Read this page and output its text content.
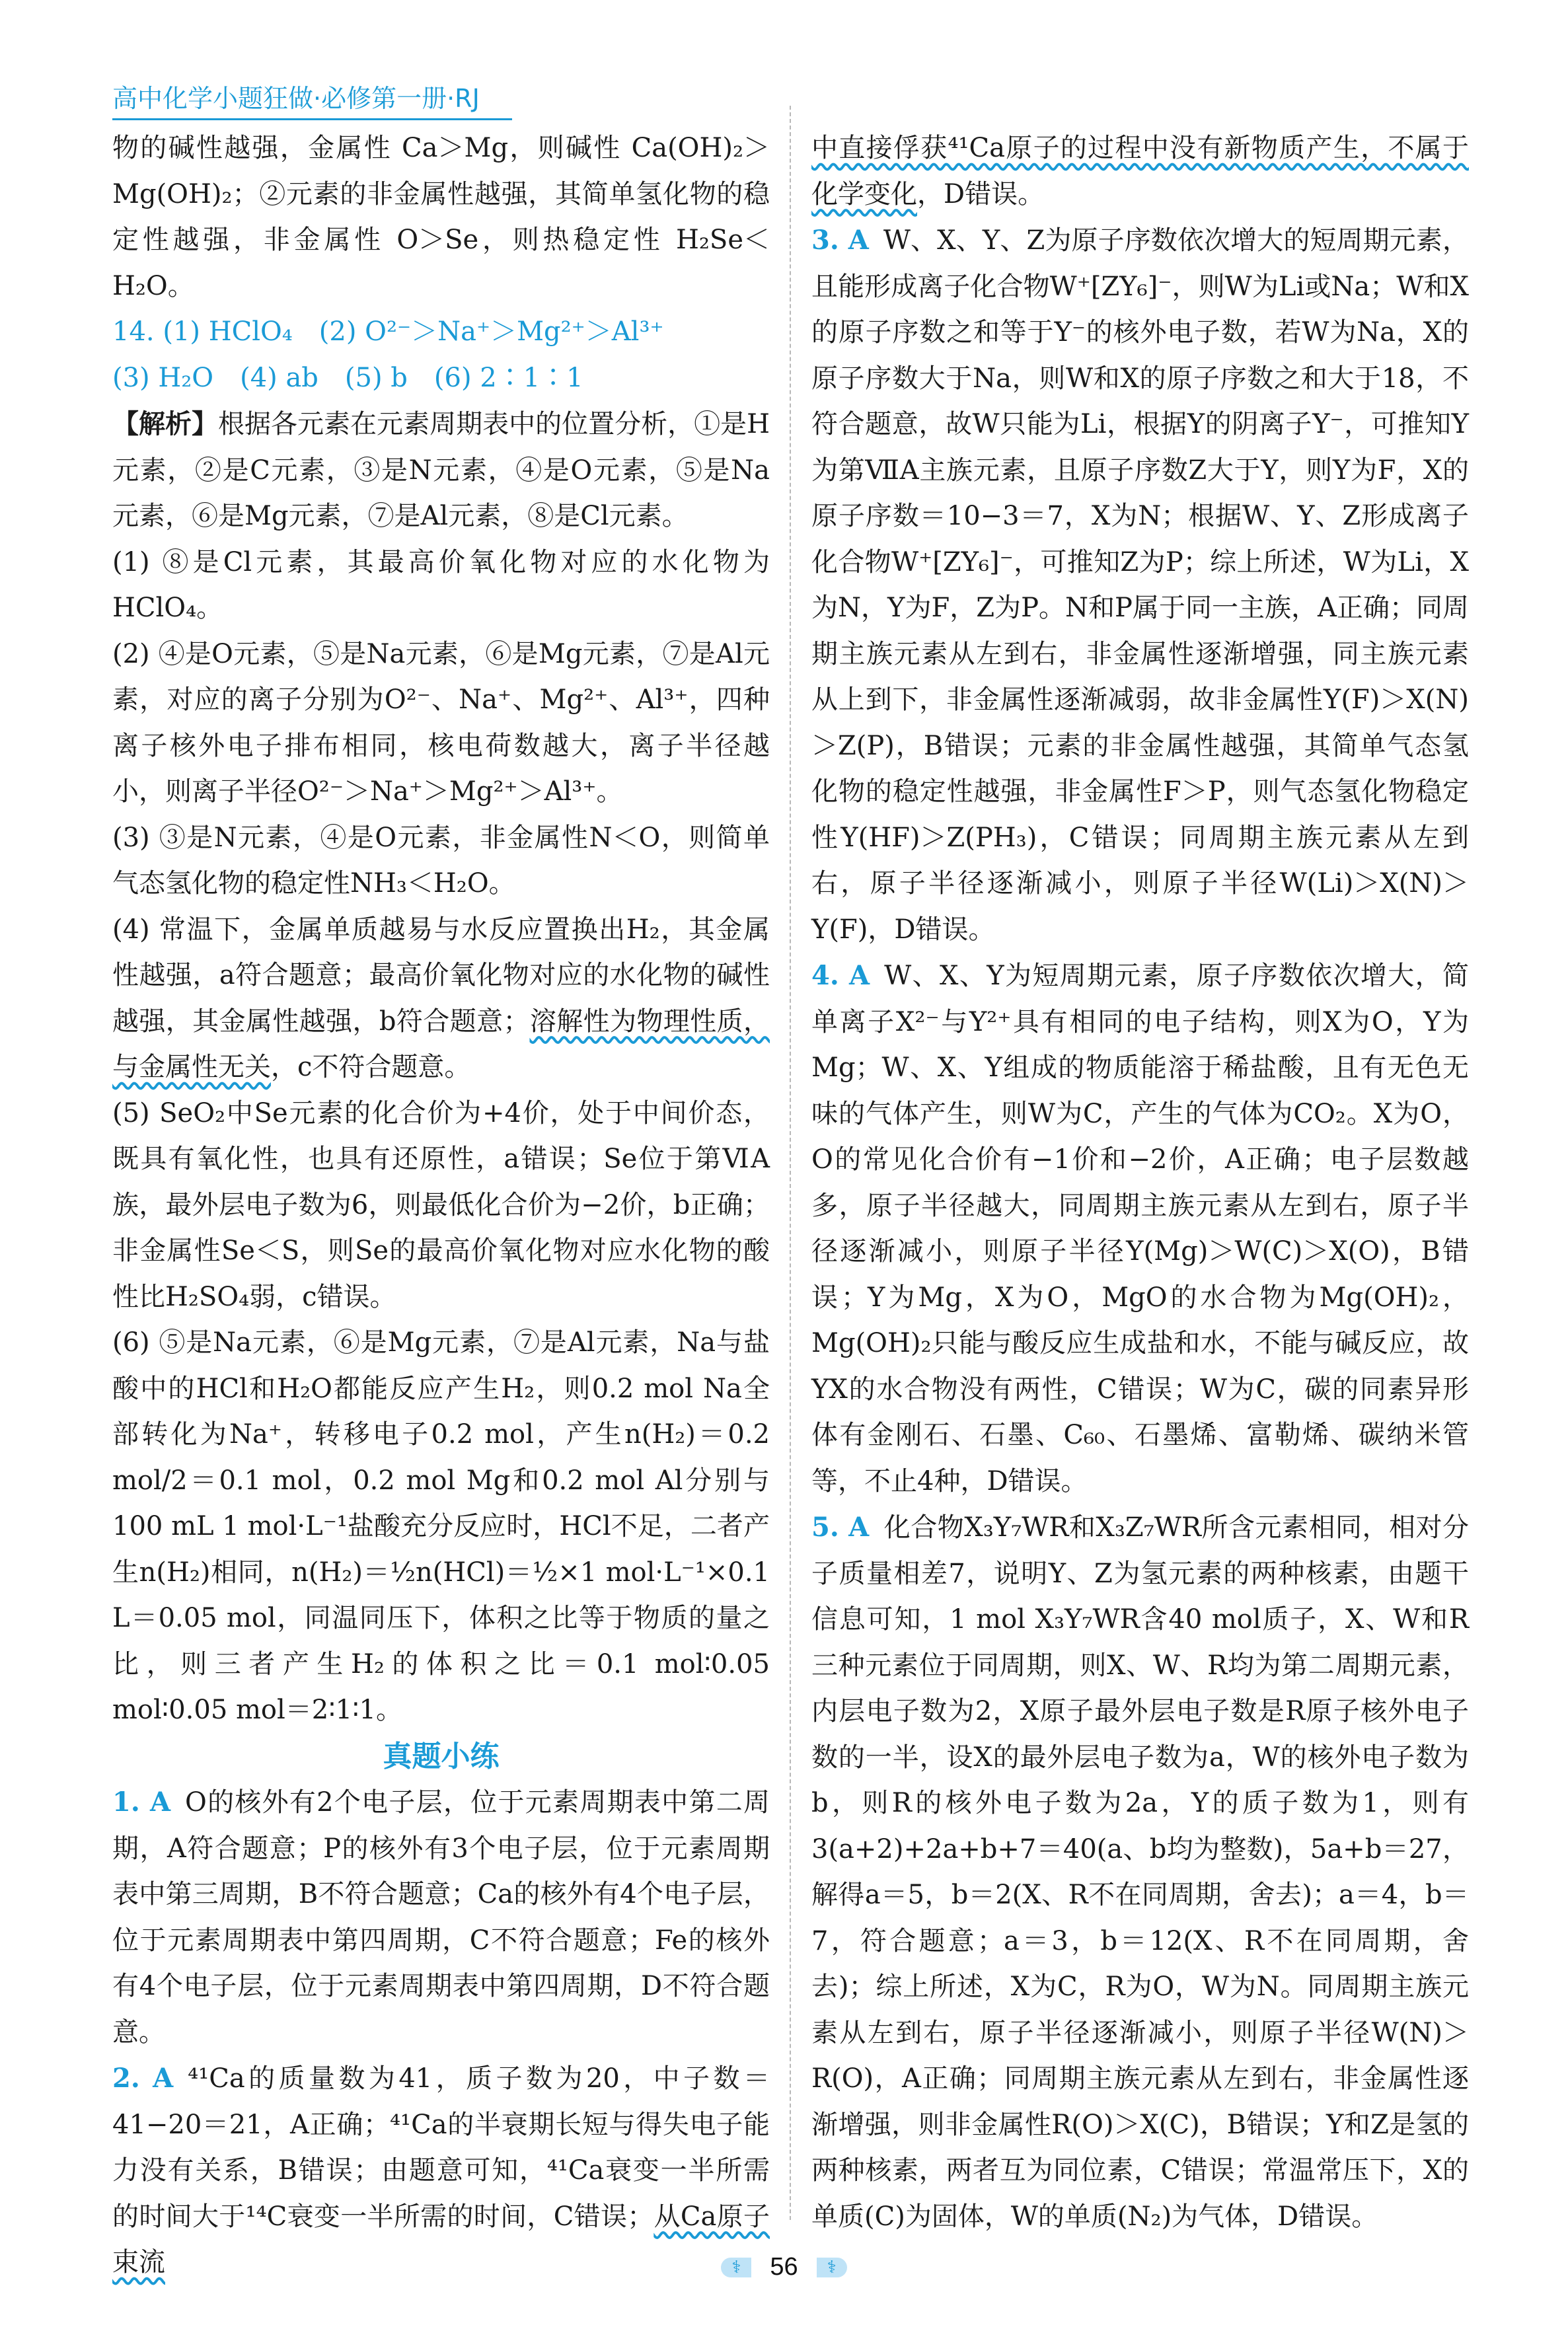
高中化学小题狂做·必修第一册·RJ

物的碱性越强，金属性 Ca＞Mg，则碱性 Ca(OH)₂＞Mg(OH)₂；②元素的非金属性越强，其简单氢化物的稳定性越强，非金属性 O＞Se，则热稳定性 H₂Se＜H₂O。

14. (1) HClO₄　(2) O²⁻＞Na⁺＞Mg²⁺＞Al³⁺

(3) H₂O　(4) ab　(5) b　(6) 2∶1∶1

【解析】根据各元素在元素周期表中的位置分析，①是H元素，②是C元素，③是N元素，④是O元素，⑤是Na元素，⑥是Mg元素，⑦是Al元素，⑧是Cl元素。

(1) ⑧是Cl元素，其最高价氧化物对应的水化物为HClO₄。

(2) ④是O元素，⑤是Na元素，⑥是Mg元素，⑦是Al元素，对应的离子分别为O²⁻、Na⁺、Mg²⁺、Al³⁺，四种离子核外电子排布相同，核电荷数越大，离子半径越小，则离子半径O²⁻＞Na⁺＞Mg²⁺＞Al³⁺。

(3) ③是N元素，④是O元素，非金属性N＜O，则简单气态氢化物的稳定性NH₃＜H₂O。

(4) 常温下，金属单质越易与水反应置换出H₂，其金属性越强，a符合题意；最高价氧化物对应的水化物的碱性越强，其金属性越强，b符合题意；溶解性为物理性质，与金属性无关，c不符合题意。

(5) SeO₂中Se元素的化合价为+4价，处于中间价态，既具有氧化性，也具有还原性，a错误；Se位于第ⅥA族，最外层电子数为6，则最低化合价为−2价，b正确；非金属性Se＜S，则Se的最高价氧化物对应水化物的酸性比H₂SO₄弱，c错误。

(6) ⑤是Na元素，⑥是Mg元素，⑦是Al元素，Na与盐酸中的HCl和H₂O都能反应产生H₂，则0.2 mol Na全部转化为Na⁺，转移电子0.2 mol，产生n(H₂)＝0.2 mol/2＝0.1 mol，0.2 mol Mg和0.2 mol Al分别与100 mL 1 mol·L⁻¹盐酸充分反应时，HCl不足，二者产生n(H₂)相同，n(H₂)＝½n(HCl)＝½×1 mol·L⁻¹×0.1 L＝0.05 mol，同温同压下，体积之比等于物质的量之比，则三者产生H₂的体积之比＝0.1 mol∶0.05 mol∶0.05 mol＝2∶1∶1。

真题小练

1. A O的核外有2个电子层，位于元素周期表中第二周期，A符合题意；P的核外有3个电子层，位于元素周期表中第三周期，B不符合题意；Ca的核外有4个电子层，位于元素周期表中第四周期，C不符合题意；Fe的核外有4个电子层，位于元素周期表中第四周期，D不符合题意。

2. A ⁴¹Ca的质量数为41，质子数为20，中子数＝41−20＝21，A正确；⁴¹Ca的半衰期长短与得失电子能力没有关系，B错误；由题意可知，⁴¹Ca衰变一半所需的时间大于¹⁴C衰变一半所需的时间，C错误；从Ca原子束流

中直接俘获⁴¹Ca原子的过程中没有新物质产生，不属于化学变化，D错误。

3. A W、X、Y、Z为原子序数依次增大的短周期元素，且能形成离子化合物W⁺[ZY₆]⁻，则W为Li或Na；W和X的原子序数之和等于Y⁻的核外电子数，若W为Na，X的原子序数大于Na，则W和X的原子序数之和大于18，不符合题意，故W只能为Li，根据Y的阴离子Y⁻，可推知Y为第ⅦA主族元素，且原子序数Z大于Y，则Y为F，X的原子序数＝10−3＝7，X为N；根据W、Y、Z形成离子化合物W⁺[ZY₆]⁻，可推知Z为P；综上所述，W为Li，X为N，Y为F，Z为P。N和P属于同一主族，A正确；同周期主族元素从左到右，非金属性逐渐增强，同主族元素从上到下，非金属性逐渐减弱，故非金属性Y(F)＞X(N)＞Z(P)，B错误；元素的非金属性越强，其简单气态氢化物的稳定性越强，非金属性F＞P，则气态氢化物稳定性Y(HF)＞Z(PH₃)，C错误；同周期主族元素从左到右，原子半径逐渐减小，则原子半径W(Li)＞X(N)＞Y(F)，D错误。

4. A W、X、Y为短周期元素，原子序数依次增大，简单离子X²⁻与Y²⁺具有相同的电子结构，则X为O，Y为Mg；W、X、Y组成的物质能溶于稀盐酸，且有无色无味的气体产生，则W为C，产生的气体为CO₂。X为O，O的常见化合价有−1价和−2价，A正确；电子层数越多，原子半径越大，同周期主族元素从左到右，原子半径逐渐减小，则原子半径Y(Mg)＞W(C)＞X(O)，B错误；Y为Mg，X为O，MgO的水合物为Mg(OH)₂，Mg(OH)₂只能与酸反应生成盐和水，不能与碱反应，故YX的水合物没有两性，C错误；W为C，碳的同素异形体有金刚石、石墨、C₆₀、石墨烯、富勒烯、碳纳米管等，不止4种，D错误。

5. A 化合物X₃Y₇WR和X₃Z₇WR所含元素相同，相对分子质量相差7，说明Y、Z为氢元素的两种核素，由题干信息可知，1 mol X₃Y₇WR含40 mol质子，X、W和R三种元素位于同周期，则X、W、R均为第二周期元素，内层电子数为2，X原子最外层电子数是R原子核外电子数的一半，设X的最外层电子数为a，W的核外电子数为b，则R的核外电子数为2a，Y的质子数为1，则有3(a+2)+2a+b+7＝40(a、b均为整数)，5a+b＝27，解得a＝5，b＝2(X、R不在同周期，舍去)；a＝4，b＝7，符合题意；a＝3，b＝12(X、R不在同周期，舍去)；综上所述，X为C，R为O，W为N。同周期主族元素从左到右，原子半径逐渐减小，则原子半径W(N)＞R(O)，A正确；同周期主族元素从左到右，非金属性逐渐增强，则非金属性R(O)＞X(C)，B错误；Y和Z是氢的两种核素，两者互为同位素，C错误；常温常压下，X的单质(C)为固体，W的单质(N₂)为气体，D错误。

⚕	56	⚕
